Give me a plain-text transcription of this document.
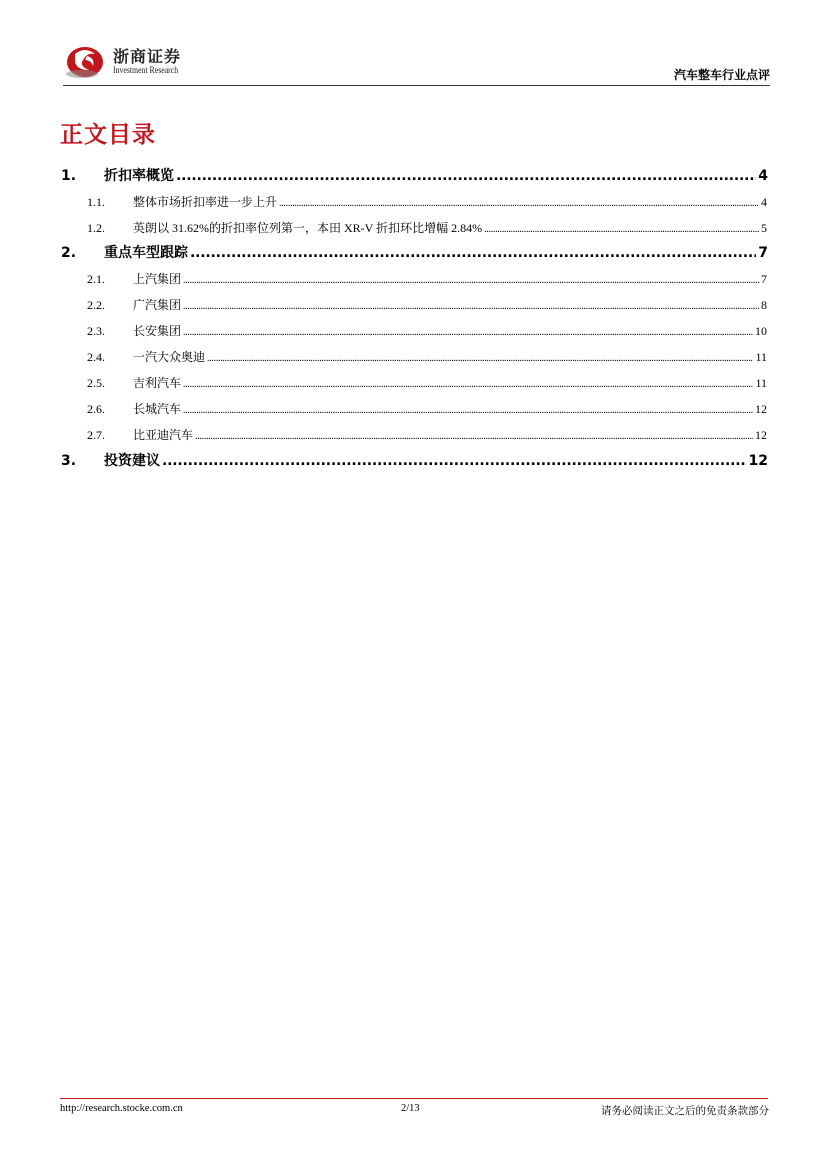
浙商证券
Investment Research	汽车整车行业点评
正文目录
1.	折扣率概览 .....	4
1.1.	整体市场折扣率进一步上升 .....	4
1.2.	英朗以 31.62%的折扣率位列第一，本田 XR-V 折扣环比增幅 2.84% .....	5
2.	重点车型跟踪 .....	7
2.1.	上汽集团 .....	7
2.2.	广汽集团 .....	8
2.3.	长安集团 .....	10
2.4.	一汽大众奥迪 .....	11
2.5.	吉利汽车 .....	11
2.6.	长城汽车 .....	12
2.7.	比亚迪汽车 .....	12
3.	投资建议 .....	12
http://research.stocke.com.cn	2/13	请务必阅读正文之后的免责条款部分
